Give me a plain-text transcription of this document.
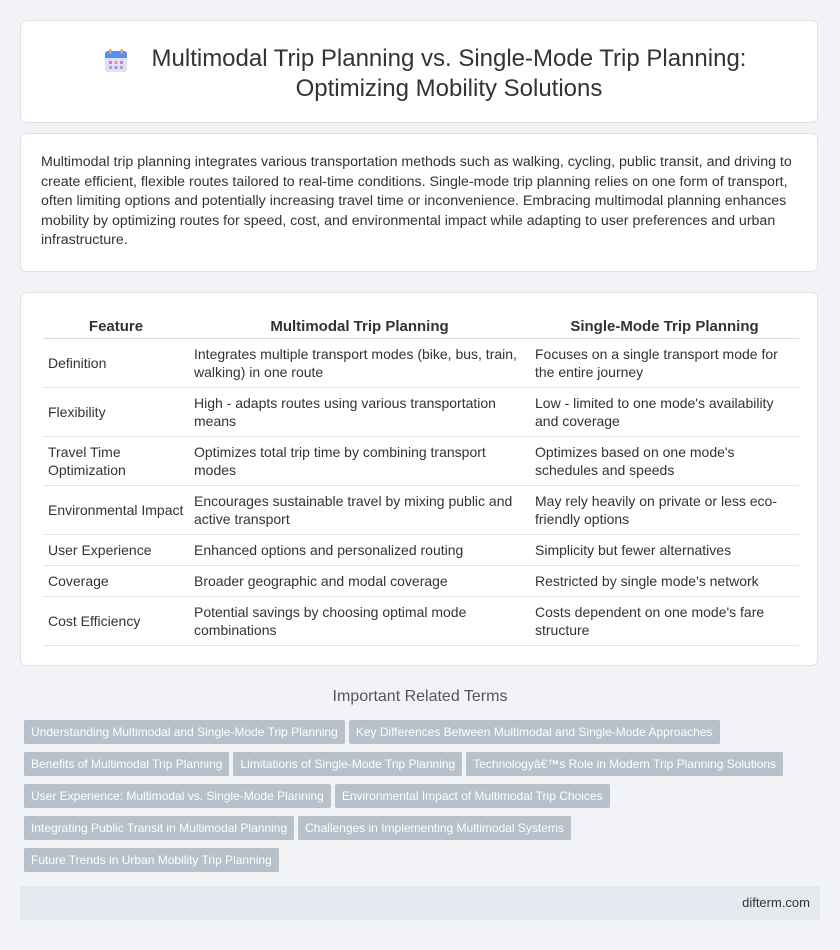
Multimodal Trip Planning vs. Single-Mode Trip Planning:
Optimizing Mobility Solutions
Multimodal trip planning integrates various transportation methods such as walking, cycling, public transit, and driving to create efficient, flexible routes tailored to real-time conditions. Single-mode trip planning relies on one form of transport, often limiting options and potentially increasing travel time or inconvenience. Embracing multimodal planning enhances mobility by optimizing routes for speed, cost, and environmental impact while adapting to user preferences and urban infrastructure.
Feature	Multimodal Trip Planning	Single-Mode Trip Planning
Definition	Integrates multiple transport modes (bike, bus, train, walking) in one route	Focuses on a single transport mode for the entire journey
Flexibility	High - adapts routes using various transportation means	Low - limited to one mode's availability and coverage
Travel Time Optimization	Optimizes total trip time by combining transport modes	Optimizes based on one mode's schedules and speeds
Environmental Impact	Encourages sustainable travel by mixing public and active transport	May rely heavily on private or less eco-friendly options
User Experience	Enhanced options and personalized routing	Simplicity but fewer alternatives
Coverage	Broader geographic and modal coverage	Restricted by single mode's network
Cost Efficiency	Potential savings by choosing optimal mode combinations	Costs dependent on one mode's fare structure
Important Related Terms
Understanding Multimodal and Single-Mode Trip Planning Key Differences Between Multimodal and Single-Mode Approaches
Benefits of Multimodal Trip Planning Limitations of Single-Mode Trip Planning Technologyâ€™s Role in Modern Trip Planning Solutions
User Experience: Multimodal vs. Single-Mode Planning Environmental Impact of Multimodal Trip Choices
Integrating Public Transit in Multimodal Planning Challenges in Implementing Multimodal Systems
Future Trends in Urban Mobility Trip Planning
difterm.com
